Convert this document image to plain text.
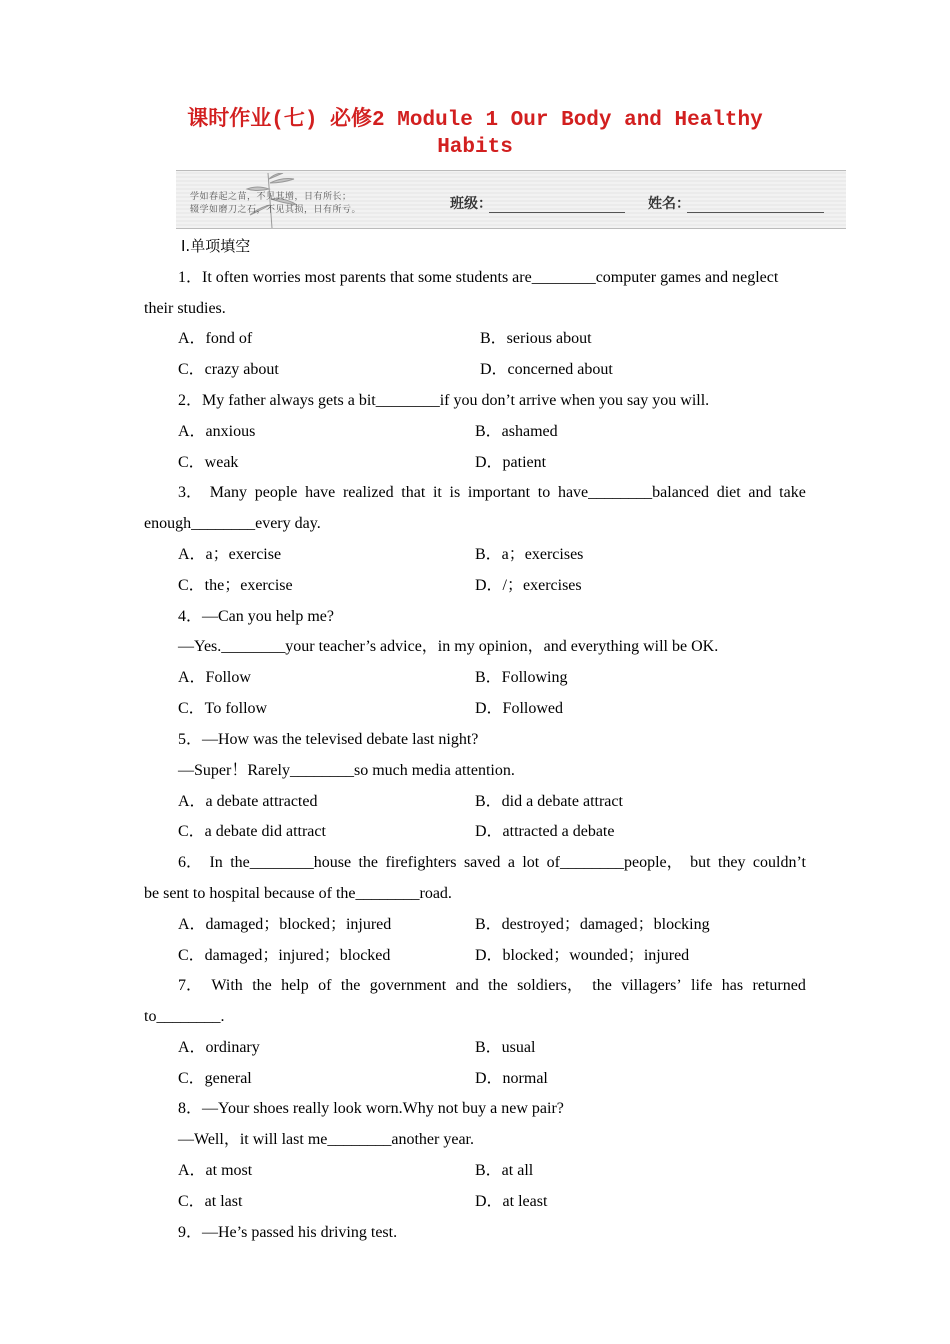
课时作业(七) 必修2 Module 1 Our Body and Healthy
Habits
学如春起之苗，不见其增，日有所长；
辍学如磨刀之石，不见其损，日有所亏。	班级：	姓名：
Ⅰ.单项填空
1．It often worries most parents that some students are________computer games and neglect
their studies.
A．fond of	B．serious about
C．crazy about	D．concerned about
2．My father always gets a bit________if you don’t arrive when you say you will.
A．anxious	B．ashamed
C．weak	D．patient
3． Many people have realized that it is important to have________balanced diet and take
enough________every day.
A．a；exercise	B．a；exercises
C．the；exercise	D．/；exercises
4．—Can you help me?
—Yes.________your teacher’s advice，in my opinion，and everything will be OK.
A．Follow	B．Following
C．To follow	D．Followed
5．—How was the televised debate last night?
—Super！Rarely________so much media attention.
A．a debate attracted	B．did a debate attract
C．a debate did attract	D．attracted a debate
6． In the________house the firefighters saved a lot of________people， but they couldn’t
be sent to hospital because of the________road.
A．damaged；blocked；injured	B．destroyed；damaged；blocking
C．damaged；injured；blocked	D．blocked；wounded；injured
7． With the help of the government and the soldiers， the villagers’ life has returned
to________.
A．ordinary	B．usual
C．general	D．normal
8．—Your shoes really look worn.Why not buy a new pair?
—Well，it will last me________another year.
A．at most	B．at all
C．at last	D．at least
9．—He’s passed his driving test.
